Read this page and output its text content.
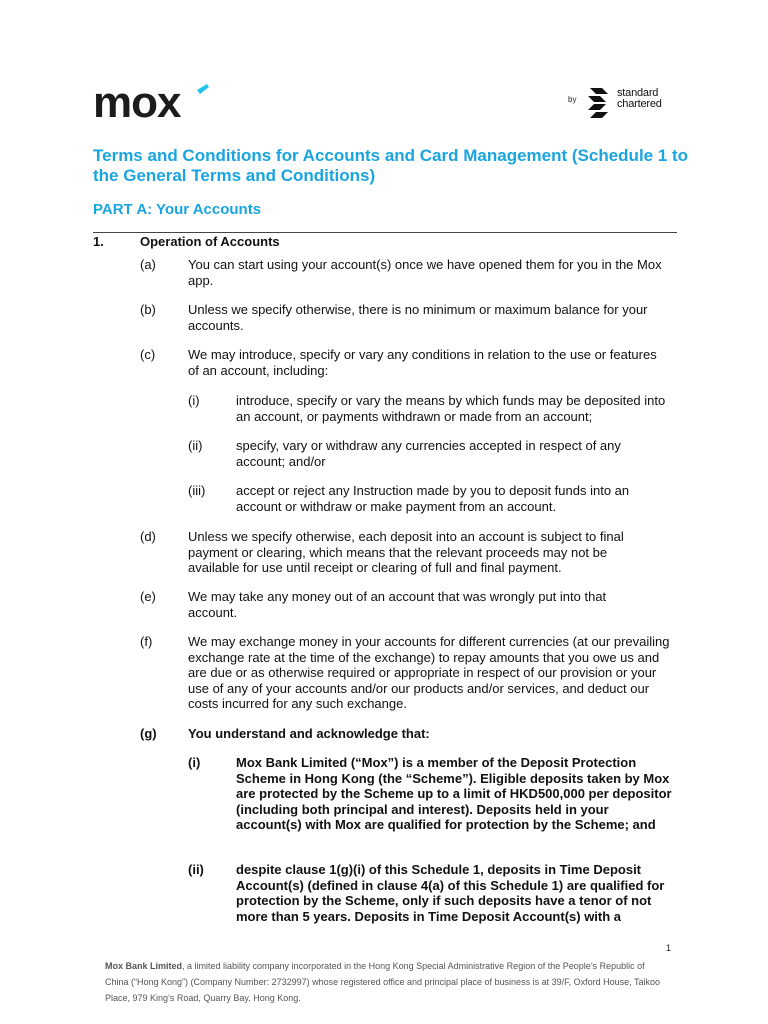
mox	by
standard
chartered
Terms and Conditions for Accounts and Card Management (Schedule 1 to the General Terms and Conditions)
PART A: Your Accounts
1.	Operation of Accounts
(a) You can start using your account(s) once we have opened them for you in the Mox app.
(b) Unless we specify otherwise, there is no minimum or maximum balance for your accounts.
(c)	We may introduce, specify or vary any conditions in relation to the use or features of an account, including:
(i)	introduce, specify or vary the means by which funds may be deposited into an account, or payments withdrawn or made from an account;
(ii)	specify, vary or withdraw any currencies accepted in respect of any account; and/or
(iii) accept or reject any Instruction made by you to deposit funds into an account or withdraw or make payment from an account.
(d) Unless we specify otherwise, each deposit into an account is subject to final payment or clearing, which means that the relevant proceeds may not be available for use until receipt or clearing of full and final payment.
(e) We may take any money out of an account that was wrongly put into that account.
(f)	We may exchange money in your accounts for different currencies (at our prevailing exchange rate at the time of the exchange) to repay amounts that you owe us and are due or as otherwise required or appropriate in respect of our provision or your use of any of your accounts and/or our products and/or services, and deduct our costs incurred for any such exchange.
(g) You understand and acknowledge that:
(i)	Mox Bank Limited (“Mox”) is a member of the Deposit Protection Scheme in Hong Kong (the “Scheme”). Eligible deposits taken by Mox are protected by the Scheme up to a limit of HKD500,000 per depositor (including both principal and interest). Deposits held in your account(s) with Mox are qualified for protection by the Scheme; and
(ii) despite clause 1(g)(i) of this Schedule 1, deposits in Time Deposit Account(s) (defined in clause 4(a) of this Schedule 1) are qualified for protection by the Scheme, only if such deposits have a tenor of not more than 5 years. Deposits in Time Deposit Account(s) with a
1
Mox Bank Limited, a limited liability company incorporated in the Hong Kong Special Administrative Region of the People’s Republic of China (“Hong Kong”) (Company Number: 2732997) whose registered office and principal place of business is at 39/F, Oxford House, Taikoo Place, 979 King’s Road, Quarry Bay, Hong Kong.
